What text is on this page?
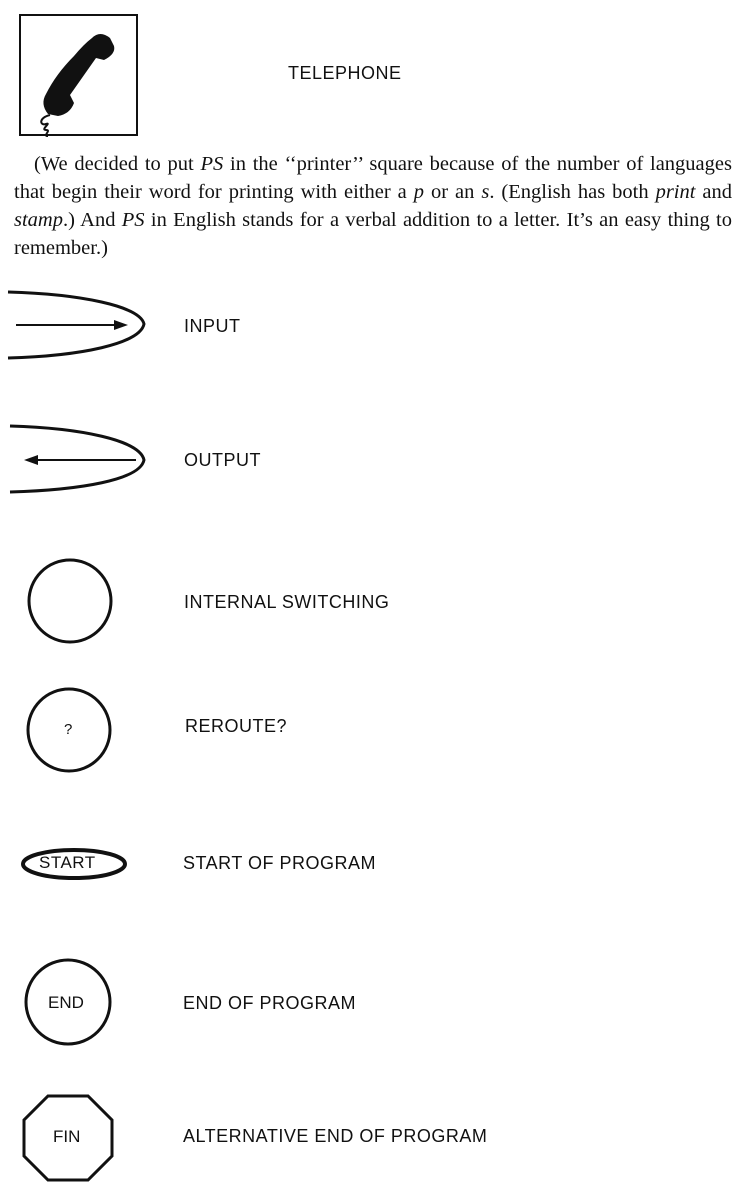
TELEPHONE

(We decided to put PS in the ‘‘printer’’ square because of the number of languages that begin their word for printing with either a p or an s. (English has both print and stamp.) And PS in English stands for a verbal addition to a letter. It’s an easy thing to remember.)

INPUT
OUTPUT
INTERNAL SWITCHING
?	REROUTE?
START	START OF PROGRAM
END	END OF PROGRAM
FIN	ALTERNATIVE END OF PROGRAM
